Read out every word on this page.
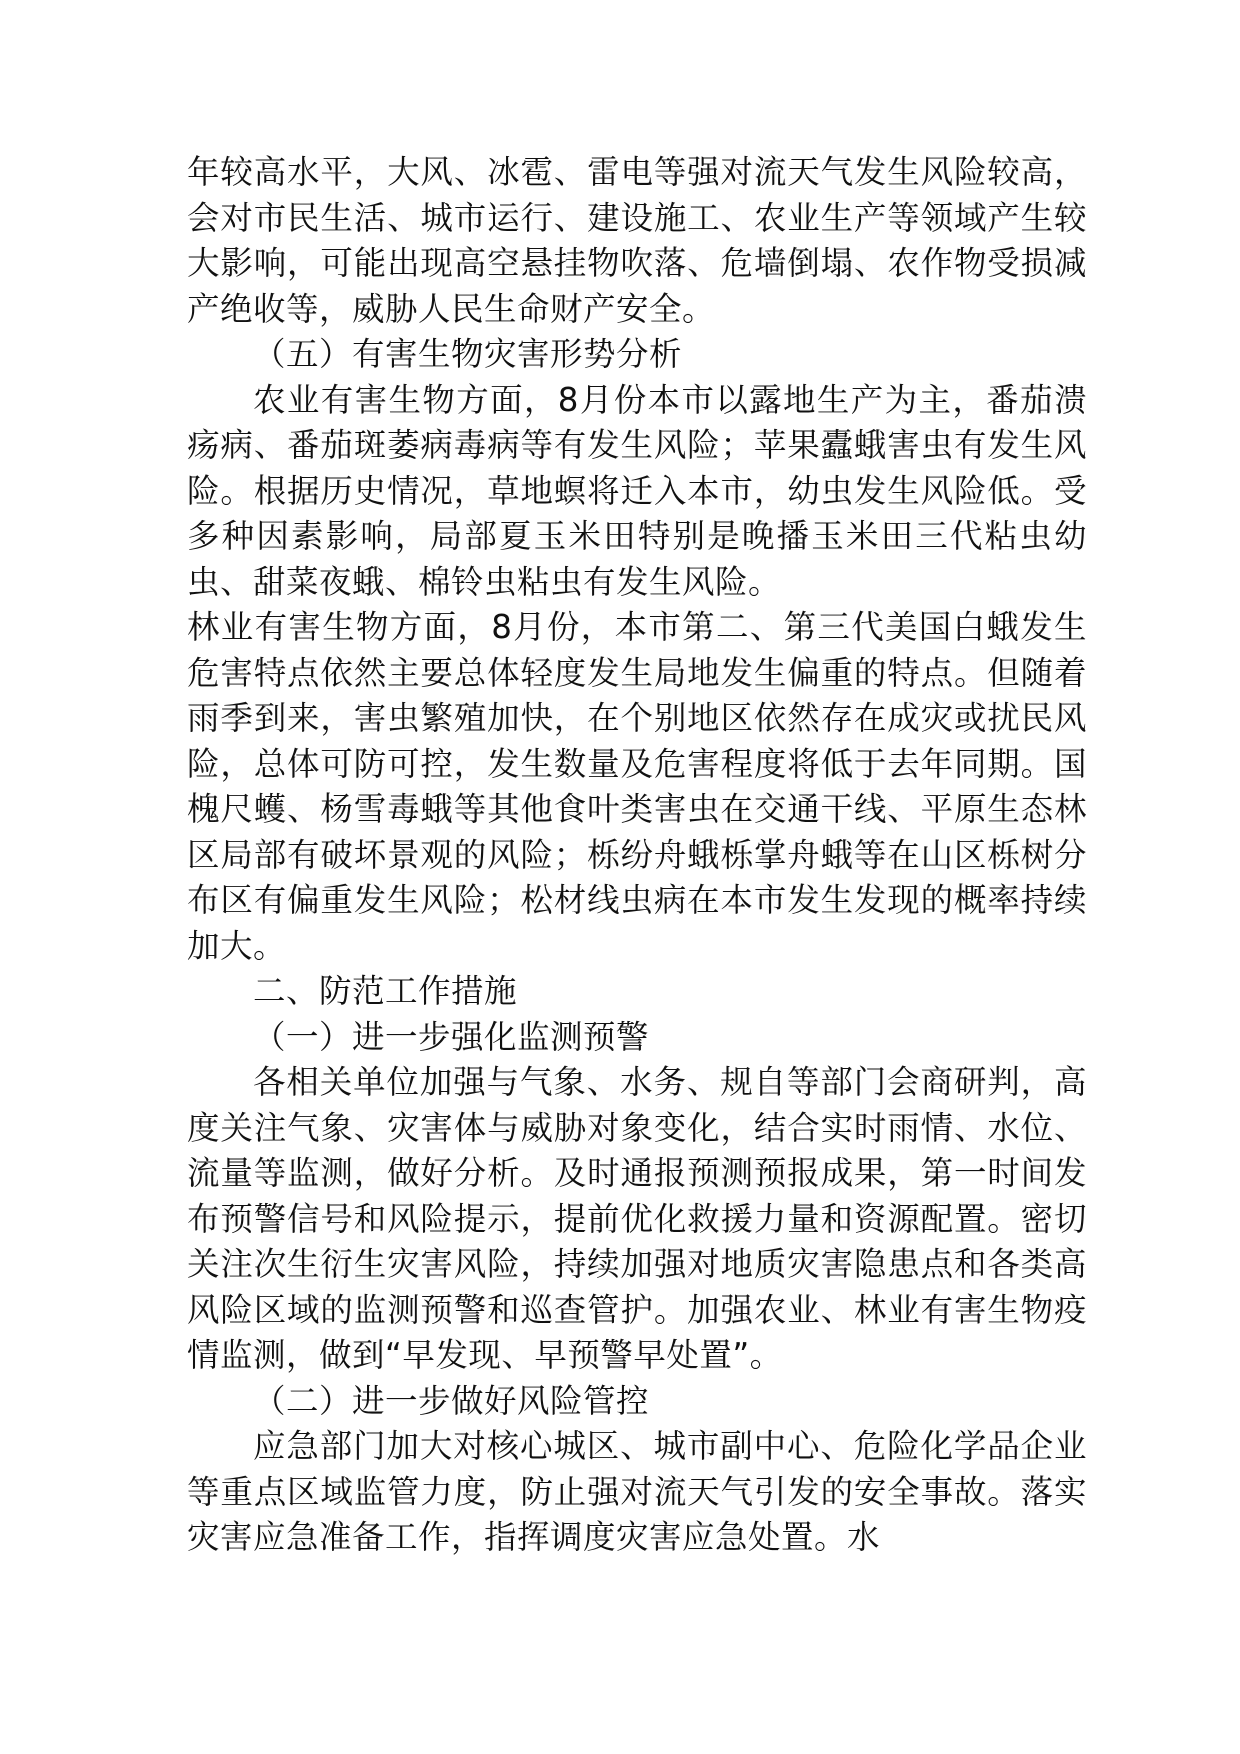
年较高水平，大风、冰雹、雷电等强对流天气发生风险较高，会对市民生活、城市运行、建设施工、农业生产等领域产生较大影响，可能出现高空悬挂物吹落、危墙倒塌、农作物受损减产绝收等，威胁人民生命财产安全。

（五）有害生物灾害形势分析

农业有害生物方面，8月份本市以露地生产为主，番茄溃疡病、番茄斑萎病毒病等有发生风险；苹果蠹蛾害虫有发生风险。根据历史情况，草地螟将迁入本市，幼虫发生风险低。受多种因素影响，局部夏玉米田特别是晚播玉米田三代粘虫幼虫、甜菜夜蛾、棉铃虫粘虫有发生风险。

林业有害生物方面，8月份，本市第二、第三代美国白蛾发生危害特点依然主要总体轻度发生局地发生偏重的特点。但随着雨季到来，害虫繁殖加快，在个别地区依然存在成灾或扰民风险，总体可防可控，发生数量及危害程度将低于去年同期。国槐尺蠖、杨雪毒蛾等其他食叶类害虫在交通干线、平原生态林区局部有破坏景观的风险；栎纷舟蛾栎掌舟蛾等在山区栎树分布区有偏重发生风险；松材线虫病在本市发生发现的概率持续加大。

二、防范工作措施

（一）进一步强化监测预警

各相关单位加强与气象、水务、规自等部门会商研判，高度关注气象、灾害体与威胁对象变化，结合实时雨情、水位、流量等监测，做好分析。及时通报预测预报成果，第一时间发布预警信号和风险提示，提前优化救援力量和资源配置。密切关注次生衍生灾害风险，持续加强对地质灾害隐患点和各类高风险区域的监测预警和巡查管护。加强农业、林业有害生物疫情监测，做到“早发现、早预警早处置”。

（二）进一步做好风险管控

应急部门加大对核心城区、城市副中心、危险化学品企业等重点区域监管力度，防止强对流天气引发的安全事故。落实灾害应急准备工作，指挥调度灾害应急处置。水
